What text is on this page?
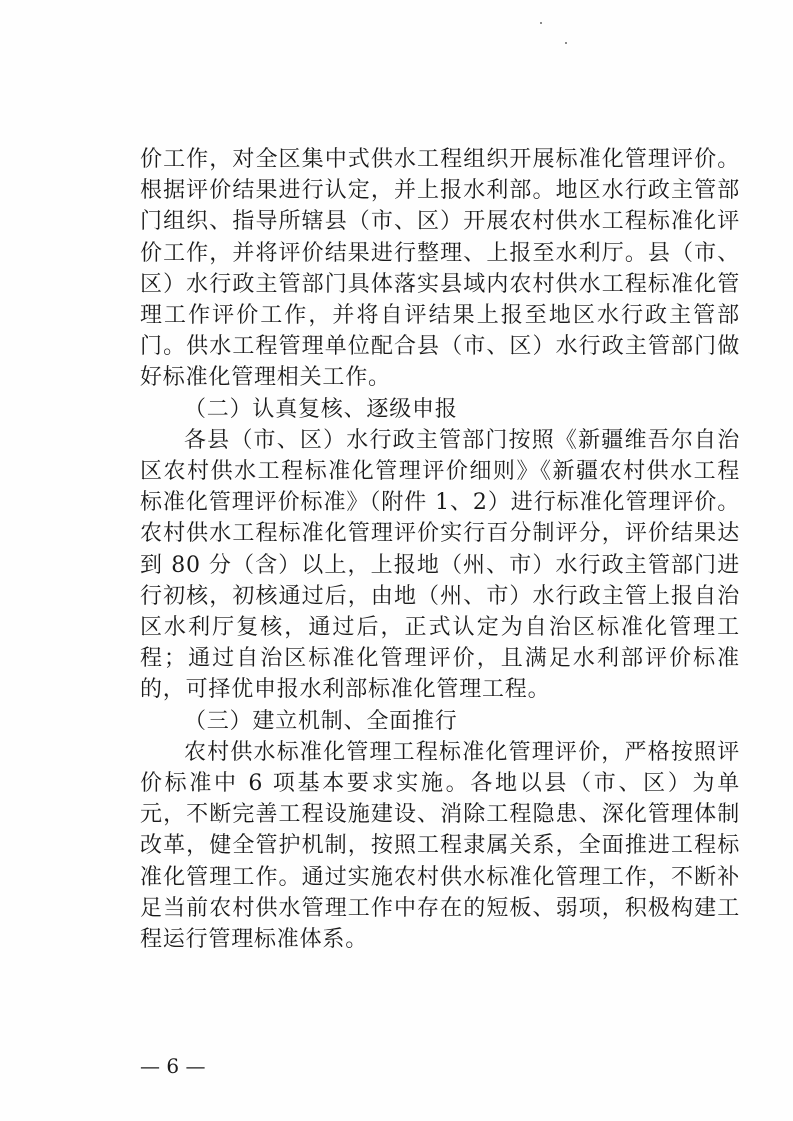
价工作，对全区集中式供水工程组织开展标准化管理评价。根据评价结果进行认定，并上报水利部。地区水行政主管部门组织、指导所辖县（市、区）开展农村供水工程标准化评价工作，并将评价结果进行整理、上报至水利厅。县（市、区）水行政主管部门具体落实县域内农村供水工程标准化管理工作评价工作，并将自评结果上报至地区水行政主管部门。供水工程管理单位配合县（市、区）水行政主管部门做好标准化管理相关工作。

（二）认真复核、逐级申报

各县（市、区）水行政主管部门按照《新疆维吾尔自治区农村供水工程标准化管理评价细则》《新疆农村供水工程标准化管理评价标准》（附件 1、2）进行标准化管理评价。农村供水工程标准化管理评价实行百分制评分，评价结果达到 80 分（含）以上，上报地（州、市）水行政主管部门进行初核，初核通过后，由地（州、市）水行政主管上报自治区水利厅复核，通过后，正式认定为自治区标准化管理工程；通过自治区标准化管理评价，且满足水利部评价标准的，可择优申报水利部标准化管理工程。

（三）建立机制、全面推行

农村供水标准化管理工程标准化管理评价，严格按照评价标准中 6 项基本要求实施。各地以县（市、区）为单元，不断完善工程设施建设、消除工程隐患、深化管理体制改革，健全管护机制，按照工程隶属关系，全面推进工程标准化管理工作。通过实施农村供水标准化管理工作，不断补足当前农村供水管理工作中存在的短板、弱项，积极构建工程运行管理标准体系。

— 6 —
